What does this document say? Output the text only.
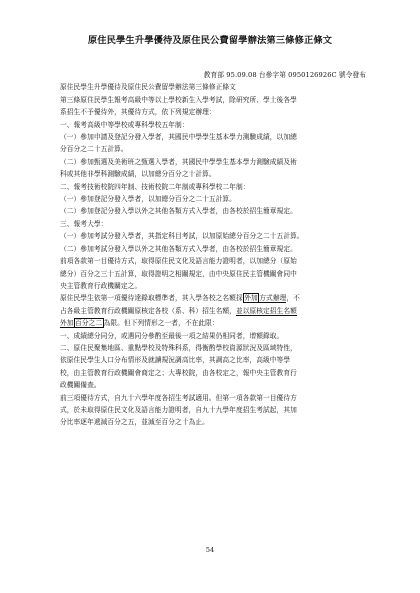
原住民學生升學優待及原住民公費留學辦法第三條修正條文
教育部 95.09.08 台參字第 0950126926C 號令發布
原住民學生升學優待及原住民公費留學辦法第三條修正條文
第三條原住民學生報考高級中等以上學校新生入學考試，除研究所、學士後各學
系招生不予優待外，其優待方式，依下列規定辦理：
一、報考高級中等學校或專科學校五年制：
（一）參加申請及登記分發入學者，其國民中學學生基本學力測驗成績，以加總
分百分之二十五計算。
（二）參加甄選及美術班之甄選入學者，其國民中學學生基本學力測驗成績及術
科或其他非學科測驗成績，以加總分百分之十計算。
二、報考技術校院四年制、技術校院二年制或專科學校二年制：
（一）參加登記分發入學者，以加總分百分之二十五計算。
（二）參加登記分發入學以外之其他各類方式入學者，由各校於招生簡章規定。
三、報考大學：
（一）參加考試分發入學者，其指定科目考試，以加原始總分百分之二十五計算。
（二）參加考試分發入學以外之其他各類方式入學者，由各校於招生簡章規定。
前項各款第一目優待方式，取得原住民文化及語言能力證明者，以加總分（原始
總分）百分之三十五計算，取得證明之相關規定，由中央原住民主管機關會同中
央主管教育行政機關定之。
原住民學生依第一項優待達錄取標準者，其入學各校之名額採 外加 方式辦理，不
占各級主管教育行政機關原核定各校（系、科）招生名額，並以原核定招生名額
外加 百分之二 為限。但下列情形之一者，不在此限：
一、成績總分同分，或遇同分參酌至最後一項之結果仍相同者，增額錄取。
二、原住民聚集地區、重點學校及特殊科系，得衡酌學校資源狀況及區域特性，
依原住民學生人口分布情形及就讀規況調高比率，其調高之比率，高級中等學
校，由主管教育行政機關會商定之；大專校院，由各校定之，報中央主管教育行
政機關備查。
前三項優待方式，自九十六學年度各招生考試適用。但第一項各款第一目優待方
式，於未取得原住民文化及語言能力證明者，自九十九學年度招生考試起，其加
分比率逐年遞減百分之五，並減至百分之十為止。
54
